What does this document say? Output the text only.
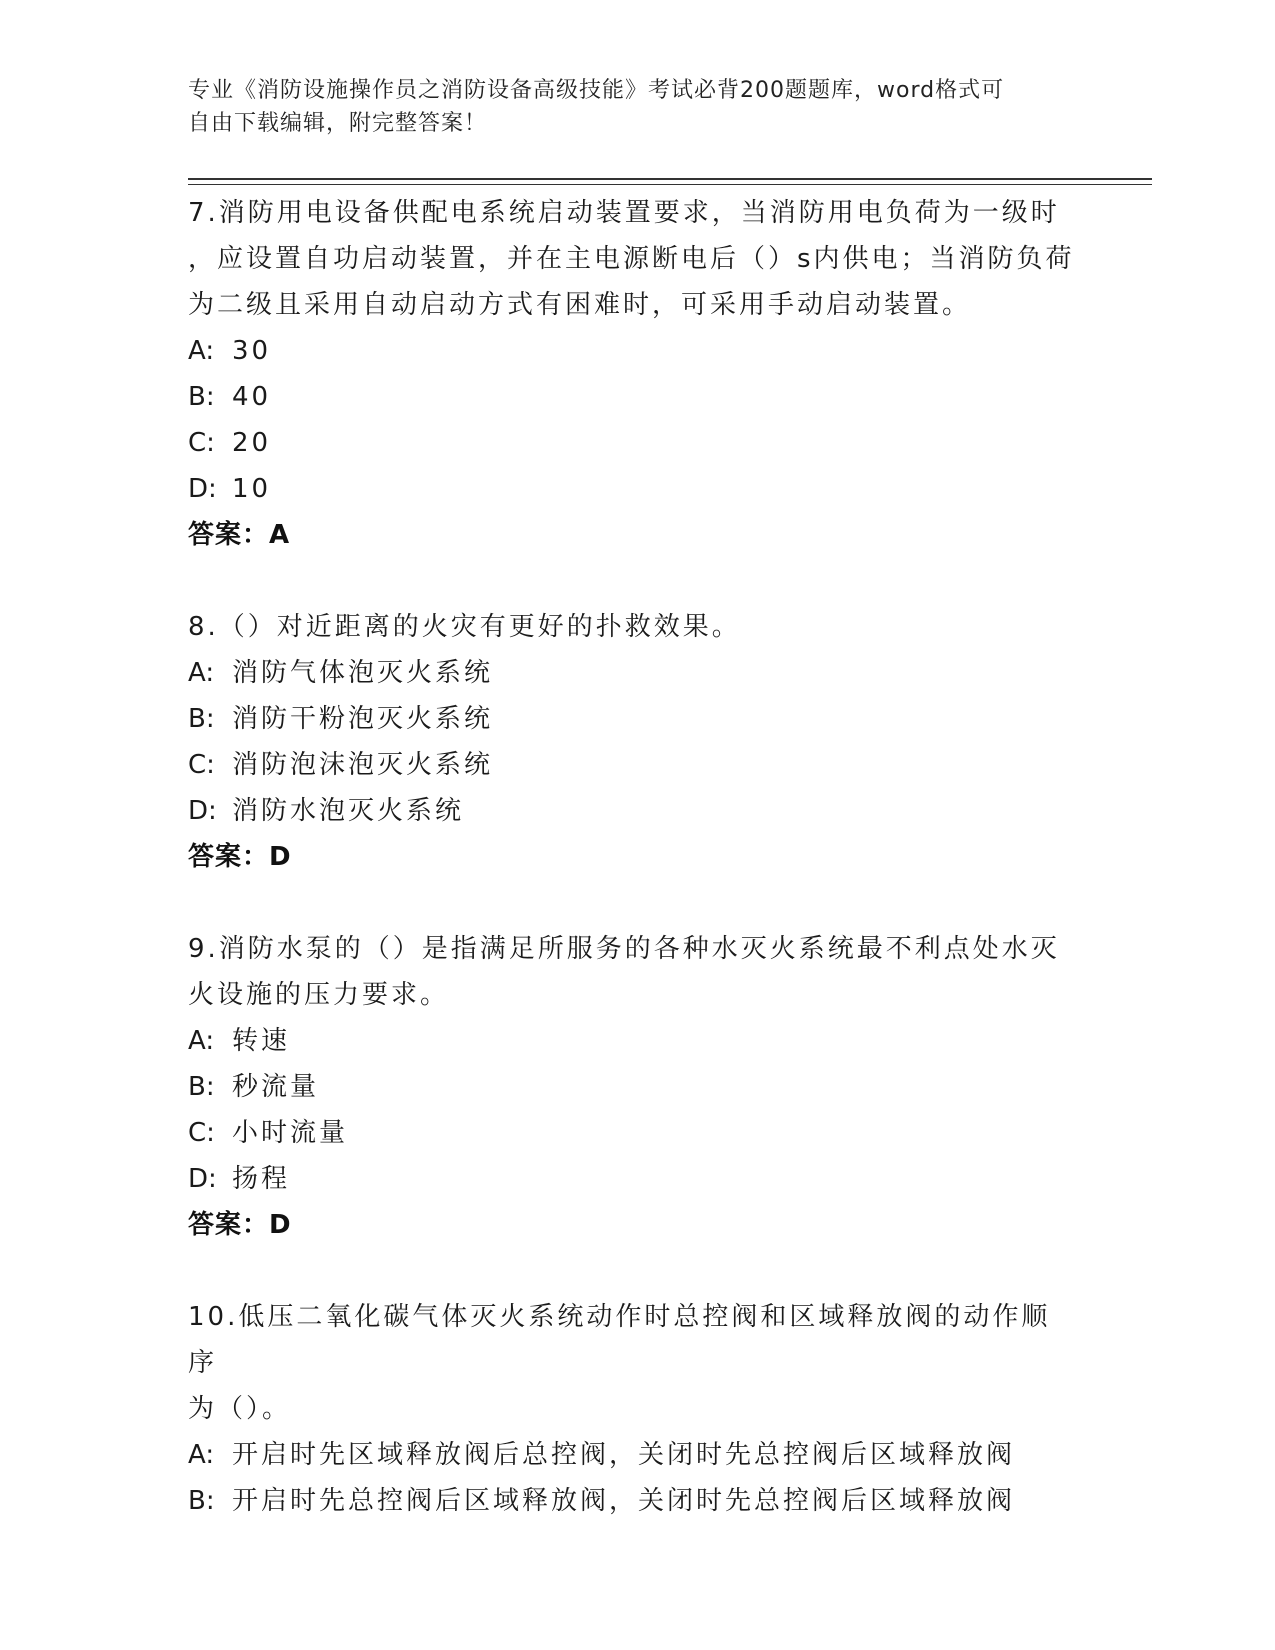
专业《消防设施操作员之消防设备高级技能》考试必背200题题库，word格式可
自由下载编辑，附完整答案！

7.消防用电设备供配电系统启动装置要求，当消防用电负荷为一级时

，应设置自功启动装置，并在主电源断电后（）s内供电；当消防负荷

为二级且采用自动启动方式有困难时，可采用手动启动装置。

A: 30

B: 40

C: 20

D: 10

答案：A

8.（）对近距离的火灾有更好的扑救效果。

A: 消防气体泡灭火系统

B: 消防干粉泡灭火系统

C: 消防泡沫泡灭火系统

D: 消防水泡灭火系统

答案：D

9.消防水泵的（）是指满足所服务的各种水灭火系统最不利点处水灭

火设施的压力要求。

A: 转速

B: 秒流量

C: 小时流量

D: 扬程

答案：D

10.低压二氧化碳气体灭火系统动作时总控阀和区域释放阀的动作顺序

为（）。

A: 开启时先区域释放阀后总控阀，关闭时先总控阀后区域释放阀

B: 开启时先总控阀后区域释放阀，关闭时先总控阀后区域释放阀
